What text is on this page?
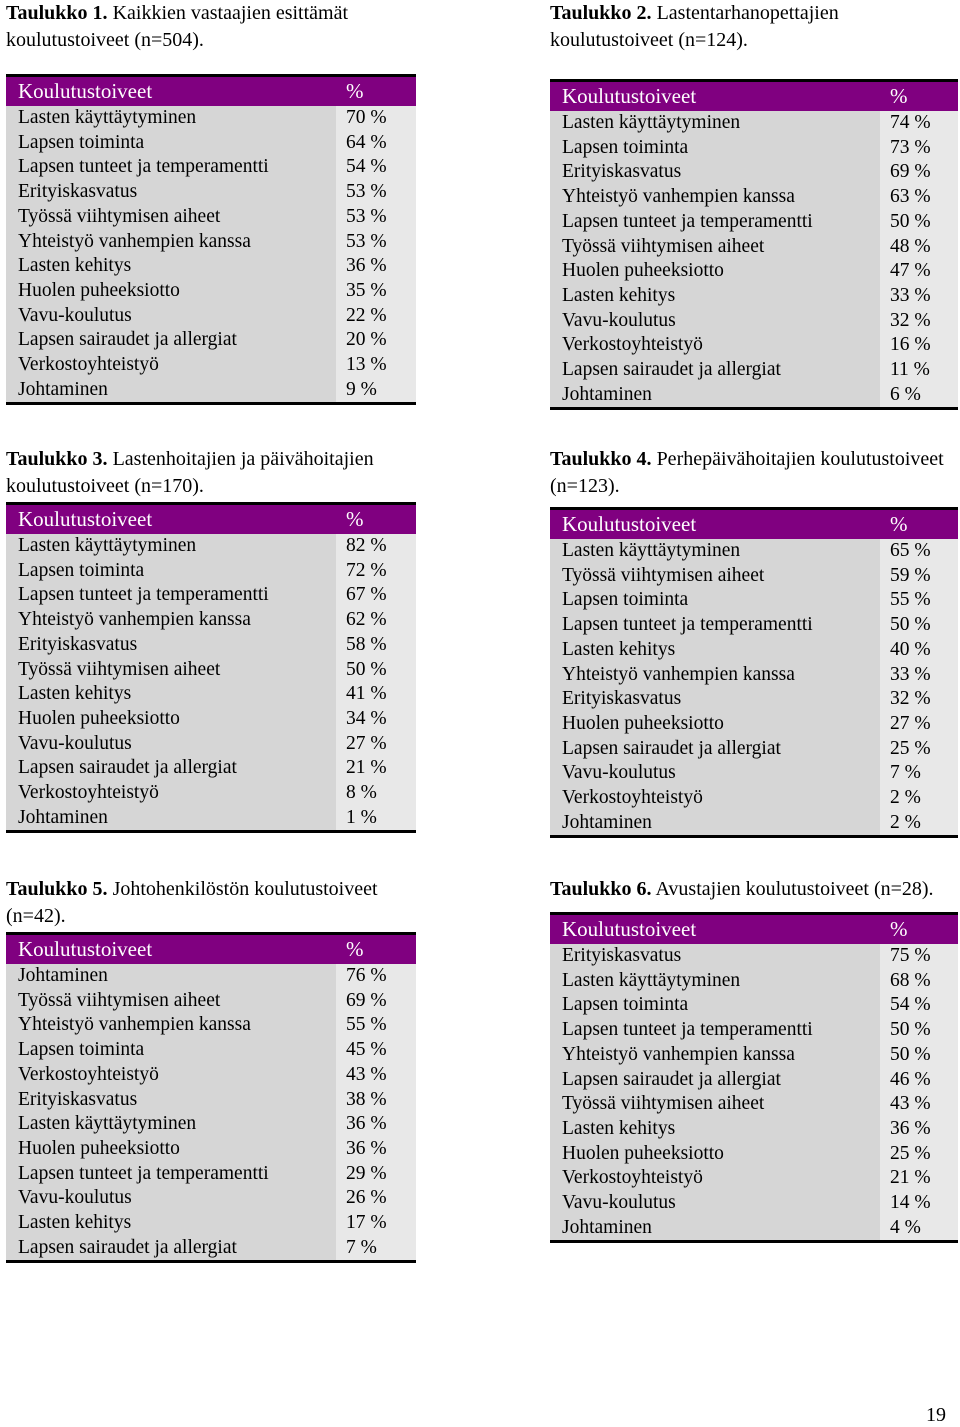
Taulukko 1. Kaikkien vastaajien esittämät koulutustoiveet (n=504).

Koulutustoiveet	%
Lasten käyttäytyminen	70 %
Lapsen toiminta	64 %
Lapsen tunteet ja temperamentti	54 %
Erityiskasvatus	53 %
Työssä viihtymisen aiheet	53 %
Yhteistyö vanhempien kanssa	53 %
Lasten kehitys	36 %
Huolen puheeksiotto	35 %
Vavu-koulutus	22 %
Lapsen sairaudet ja allergiat	20 %
Verkostoyhteistyö	13 %
Johtaminen	9 %

Taulukko 2. Lastentarhanopettajien koulutustoiveet (n=124).

Koulutustoiveet	%
Lasten käyttäytyminen	74 %
Lapsen toiminta	73 %
Erityiskasvatus	69 %
Yhteistyö vanhempien kanssa	63 %
Lapsen tunteet ja temperamentti	50 %
Työssä viihtymisen aiheet	48 %
Huolen puheeksiotto	47 %
Lasten kehitys	33 %
Vavu-koulutus	32 %
Verkostoyhteistyö	16 %
Lapsen sairaudet ja allergiat	11 %
Johtaminen	6 %

Taulukko 3. Lastenhoitajien ja päivähoitajien koulutustoiveet (n=170).

Koulutustoiveet	%
Lasten käyttäytyminen	82 %
Lapsen toiminta	72 %
Lapsen tunteet ja temperamentti	67 %
Yhteistyö vanhempien kanssa	62 %
Erityiskasvatus	58 %
Työssä viihtymisen aiheet	50 %
Lasten kehitys	41 %
Huolen puheeksiotto	34 %
Vavu-koulutus	27 %
Lapsen sairaudet ja allergiat	21 %
Verkostoyhteistyö	8 %
Johtaminen	1 %

Taulukko 4. Perhepäivähoitajien koulutustoiveet (n=123).

Koulutustoiveet	%
Lasten käyttäytyminen	65 %
Työssä viihtymisen aiheet	59 %
Lapsen toiminta	55 %
Lapsen tunteet ja temperamentti	50 %
Lasten kehitys	40 %
Yhteistyö vanhempien kanssa	33 %
Erityiskasvatus	32 %
Huolen puheeksiotto	27 %
Lapsen sairaudet ja allergiat	25 %
Vavu-koulutus	7 %
Verkostoyhteistyö	2 %
Johtaminen	2 %

Taulukko 5. Johtohenkilöstön koulutustoiveet (n=42).

Koulutustoiveet	%
Johtaminen	76 %
Työssä viihtymisen aiheet	69 %
Yhteistyö vanhempien kanssa	55 %
Lapsen toiminta	45 %
Verkostoyhteistyö	43 %
Erityiskasvatus	38 %
Lasten käyttäytyminen	36 %
Huolen puheeksiotto	36 %
Lapsen tunteet ja temperamentti	29 %
Vavu-koulutus	26 %
Lasten kehitys	17 %
Lapsen sairaudet ja allergiat	7 %

Taulukko 6. Avustajien koulutustoiveet (n=28).

Koulutustoiveet	%
Erityiskasvatus	75 %
Lasten käyttäytyminen	68 %
Lapsen toiminta	54 %
Lapsen tunteet ja temperamentti	50 %
Yhteistyö vanhempien kanssa	50 %
Lapsen sairaudet ja allergiat	46 %
Työssä viihtymisen aiheet	43 %
Lasten kehitys	36 %
Huolen puheeksiotto	25 %
Verkostoyhteistyö	21 %
Vavu-koulutus	14 %
Johtaminen	4 %
19
